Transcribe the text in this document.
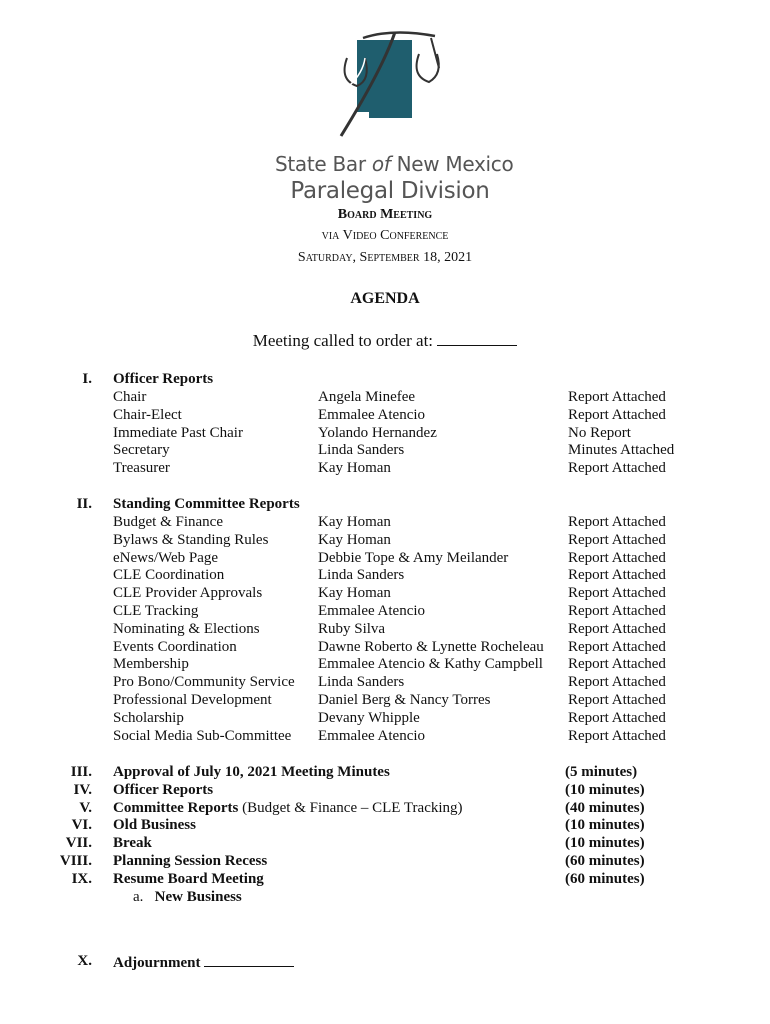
State Bar of New Mexico
Paralegal Division
Board Meeting
via Video Conference
Saturday, September 18, 2021
AGENDA
Meeting called to order at:
I. Officer Reports
Chair	Angela Minefee	Report Attached
Chair-Elect	Emmalee Atencio	Report Attached
Immediate Past Chair	Yolando Hernandez	No Report
Secretary	Linda Sanders	Minutes Attached
Treasurer	Kay Homan	Report Attached
II. Standing Committee Reports
Budget & Finance	Kay Homan	Report Attached
Bylaws & Standing Rules	Kay Homan	Report Attached
eNews/Web Page	Debbie Tope & Amy Meilander	Report Attached
CLE Coordination	Linda Sanders	Report Attached
CLE Provider Approvals	Kay Homan	Report Attached
CLE Tracking	Emmalee Atencio	Report Attached
Nominating & Elections	Ruby Silva	Report Attached
Events Coordination	Dawne Roberto & Lynette Rocheleau Report Attached
Membership	Emmalee Atencio & Kathy Campbell Report Attached
Pro Bono/Community Service Linda Sanders	Report Attached
Professional Development	Daniel Berg & Nancy Torres	Report Attached
Scholarship	Devany Whipple	Report Attached
Social Media Sub-Committee Emmalee Atencio	Report Attached
III. Approval of July 10, 2021 Meeting Minutes	(5 minutes)
IV. Officer Reports	(10 minutes)
V. Committee Reports (Budget & Finance – CLE Tracking)	(40 minutes)
VI. Old Business	(10 minutes)
VII. Break	(10 minutes)
VIII. Planning Session Recess	(60 minutes)
IX. Resume Board Meeting	(60 minutes)
a. New Business
X. Adjournment
